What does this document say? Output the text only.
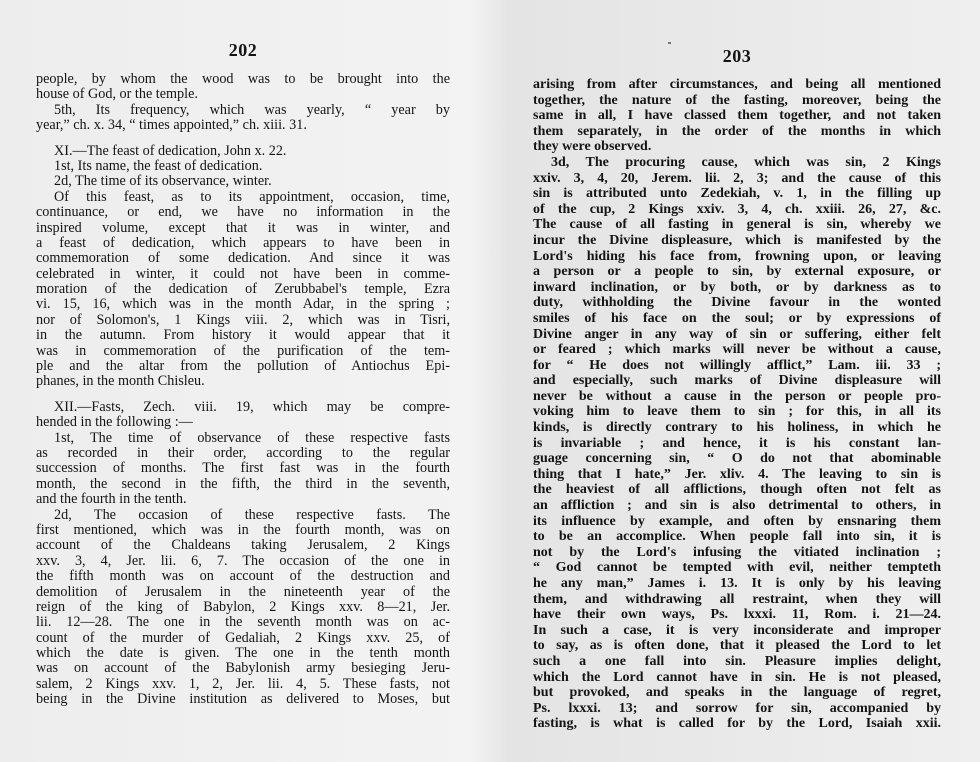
202
people, by whom the wood was to be brought into the
house of God, or the temple.
5th, Its frequency, which was yearly, “ year by
year,” ch. x. 34, “ times appointed,” ch. xiii. 31.
XI.—The feast of dedication, John x. 22.
1st, Its name, the feast of dedication.
2d, The time of its observance, winter.
Of this feast, as to its appointment, occasion, time,
continuance, or end, we have no information in the
inspired volume, except that it was in winter, and
a feast of dedication, which appears to have been in
commemoration of some dedication. And since it was
celebrated in winter, it could not have been in comme-
moration of the dedication of Zerubbabel's temple, Ezra
vi. 15, 16, which was in the month Adar, in the spring ;
nor of Solomon's, 1 Kings viii. 2, which was in Tisri,
in the autumn. From history it would appear that it
was in commemoration of the purification of the tem-
ple and the altar from the pollution of Antiochus Epi-
phanes, in the month Chisleu.
XII.—Fasts, Zech. viii. 19, which may be compre-
hended in the following :—
1st, The time of observance of these respective fasts
as recorded in their order, according to the regular
succession of months. The first fast was in the fourth
month, the second in the fifth, the third in the seventh,
and the fourth in the tenth.
2d, The occasion of these respective fasts. The
first mentioned, which was in the fourth month, was on
account of the Chaldeans taking Jerusalem, 2 Kings
xxv. 3, 4, Jer. lii. 6, 7. The occasion of the one in
the fifth month was on account of the destruction and
demolition of Jerusalem in the nineteenth year of the
reign of the king of Babylon, 2 Kings xxv. 8—21, Jer.
lii. 12—28. The one in the seventh month was on ac-
count of the murder of Gedaliah, 2 Kings xxv. 25, of
which the date is given. The one in the tenth month
was on account of the Babylonish army besieging Jeru-
salem, 2 Kings xxv. 1, 2, Jer. lii. 4, 5. These fasts, not
being in the Divine institution as delivered to Moses, but
203
arising from after circumstances, and being all mentioned
together, the nature of the fasting, moreover, being the
same in all, I have classed them together, and not taken
them separately, in the order of the months in which
they were observed.
3d, The procuring cause, which was sin, 2 Kings
xxiv. 3, 4, 20, Jerem. lii. 2, 3; and the cause of this
sin is attributed unto Zedekiah, v. 1, in the filling up
of the cup, 2 Kings xxiv. 3, 4, ch. xxiii. 26, 27, &c.
The cause of all fasting in general is sin, whereby we
incur the Divine displeasure, which is manifested by the
Lord's hiding his face from, frowning upon, or leaving
a person or a people to sin, by external exposure, or
inward inclination, or by both, or by darkness as to
duty, withholding the Divine favour in the wonted
smiles of his face on the soul; or by expressions of
Divine anger in any way of sin or suffering, either felt
or feared ; which marks will never be without a cause,
for “ He does not willingly afflict,” Lam. iii. 33 ;
and especially, such marks of Divine displeasure will
never be without a cause in the person or people pro-
voking him to leave them to sin ; for this, in all its
kinds, is directly contrary to his holiness, in which he
is invariable ; and hence, it is his constant lan-
guage concerning sin, “ O do not that abominable
thing that I hate,” Jer. xliv. 4. The leaving to sin is
the heaviest of all afflictions, though often not felt as
an affliction ; and sin is also detrimental to others, in
its influence by example, and often by ensnaring them
to be an accomplice. When people fall into sin, it is
not by the Lord's infusing the vitiated inclination ;
“ God cannot be tempted with evil, neither tempteth
he any man,” James i. 13. It is only by his leaving
them, and withdrawing all restraint, when they will
have their own ways, Ps. lxxxi. 11, Rom. i. 21—24.
In such a case, it is very inconsiderate and improper
to say, as is often done, that it pleased the Lord to let
such a one fall into sin. Pleasure implies delight,
which the Lord cannot have in sin. He is not pleased,
but provoked, and speaks in the language of regret,
Ps. lxxxi. 13; and sorrow for sin, accompanied by
fasting, is what is called for by the Lord, Isaiah xxii.
